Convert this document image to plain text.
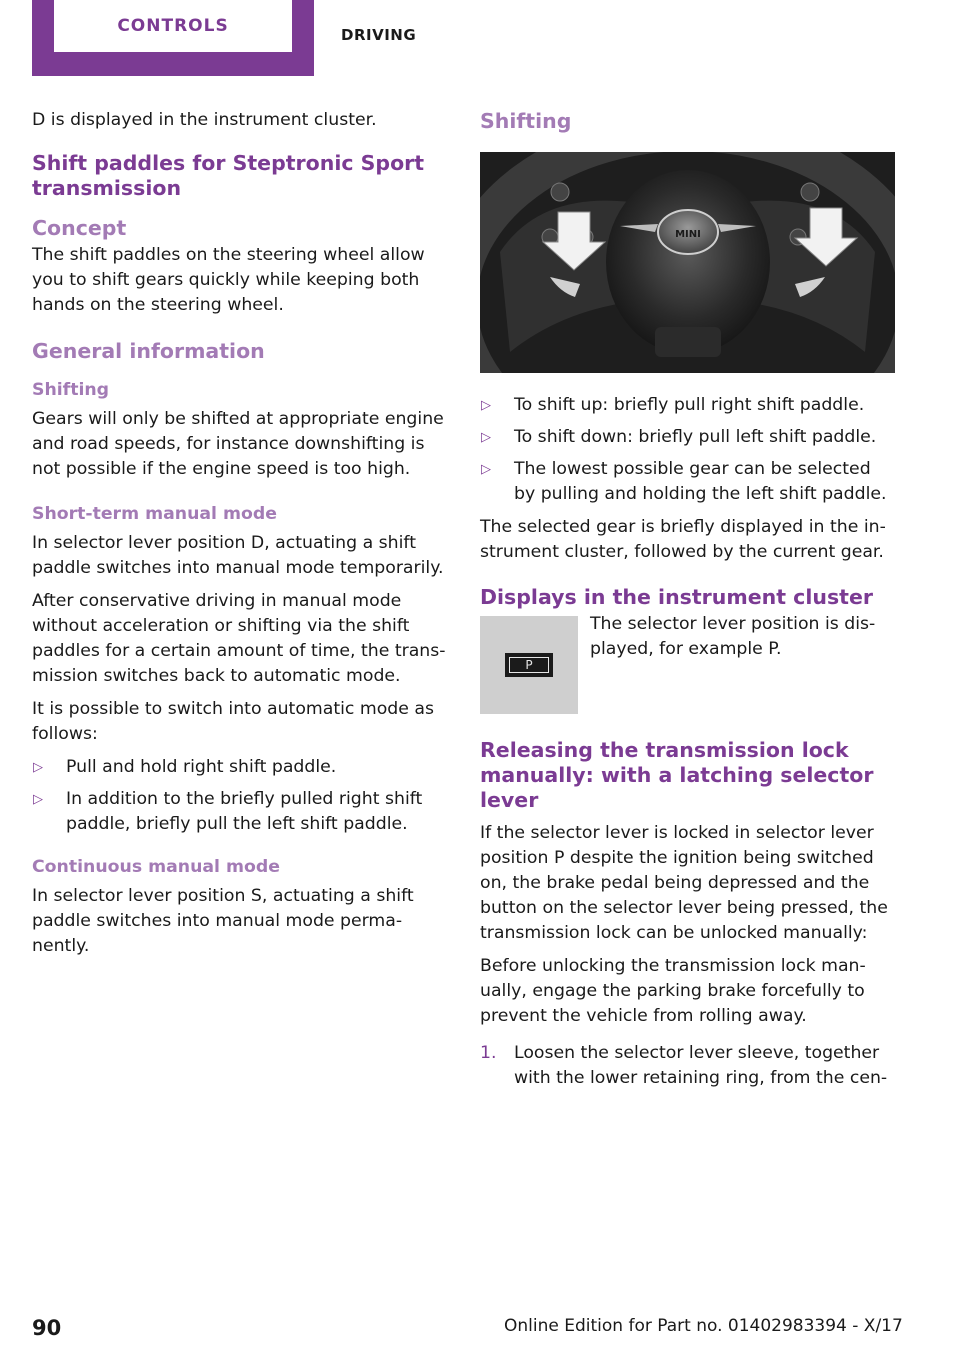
CONTROLS	DRIVING

D is displayed in the instrument cluster.

Shift paddles for Steptronic Sport transmission
Concept

The shift paddles on the steering wheel allow you to shift gears quickly while keeping both hands on the steering wheel.

General information
Shifting

Gears will only be shifted at appropriate engine and road speeds, for instance downshifting is not possible if the engine speed is too high.

Short-term manual mode

In selector lever position D, actuating a shift paddle switches into manual mode temporarily.

After conservative driving in manual mode without acceleration or shifting via the shift paddles for a certain amount of time, the trans‐ mission switches back to automatic mode.

It is possible to switch into automatic mode as follows:

▷ Pull and hold right shift paddle.
▷ In addition to the briefly pulled right shift paddle, briefly pull the left shift paddle.
Continuous manual mode

In selector lever position S, actuating a shift paddle switches into manual mode perma‐ nently.

Shifting
MINI
▷ To shift up: briefly pull right shift paddle.
▷ To shift down: briefly pull left shift paddle.
▷ The lowest possible gear can be selected by pulling and holding the left shift paddle.

The selected gear is briefly displayed in the in‐ strument cluster, followed by the current gear.

Displays in the instrument cluster
P

The selector lever position is dis‐ played, for example P.

Releasing the transmission lock manually: with a latching selector lever

If the selector lever is locked in selector lever position P despite the ignition being switched on, the brake pedal being depressed and the button on the selector lever being pressed, the transmission lock can be unlocked manually:

Before unlocking the transmission lock man‐ ually, engage the parking brake forcefully to prevent the vehicle from rolling away.

1. Loosen the selector lever sleeve, together with the lower retaining ring, from the cen‐
90	Online Edition for Part no. 01402983394 - X/17
